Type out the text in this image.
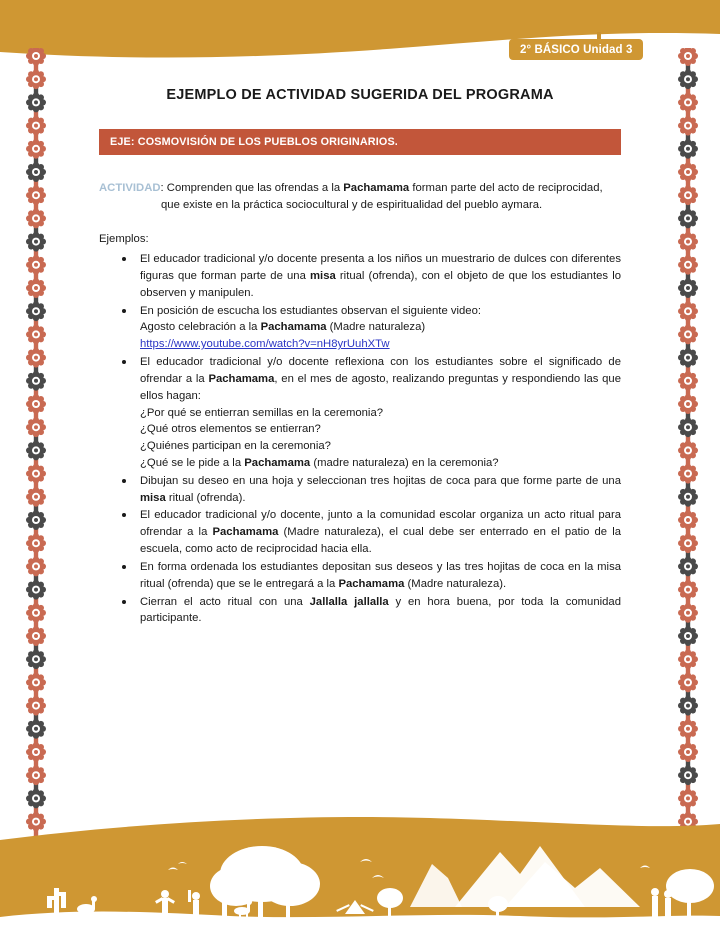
2° BÁSICO Unidad 3
EJEMPLO DE ACTIVIDAD SUGERIDA DEL PROGRAMA
EJE: COSMOVISIÓN DE LOS PUEBLOS ORIGINARIOS.
ACTIVIDAD: Comprenden que las ofrendas a la Pachamama forman parte del acto de reciprocidad,
que existe en la práctica sociocultural y de espiritualidad del pueblo aymara.
Ejemplos:
El educador tradicional y/o docente presenta a los niños un muestrario de dulces con diferentes figuras que forman parte de una misa ritual (ofrenda), con el objeto de que los estudiantes lo observen y manipulen.
En posición de escucha los estudiantes observan el siguiente video:
Agosto celebración a la Pachamama (Madre naturaleza)
https://www.youtube.com/watch?v=nH8yrUuhXTw
El educador tradicional y/o docente reflexiona con los estudiantes sobre el significado de ofrendar a la Pachamama, en el mes de agosto, realizando preguntas y respondiendo las que ellos hagan:
¿Por qué se entierran semillas en la ceremonia?
¿Qué otros elementos se entierran?
¿Quiénes participan en la ceremonia?
¿Qué se le pide a la Pachamama (madre naturaleza) en la ceremonia?
Dibujan su deseo en una hoja y seleccionan tres hojitas de coca para que forme parte de una misa ritual (ofrenda).
El educador tradicional y/o docente, junto a la comunidad escolar organiza un acto ritual para ofrendar a la Pachamama (Madre naturaleza), el cual debe ser enterrado en el patio de la escuela, como acto de reciprocidad hacia ella.
En forma ordenada los estudiantes depositan sus deseos y las tres hojitas de coca en la misa ritual (ofrenda) que se le entregará a la Pachamama (Madre naturaleza).
Cierran el acto ritual con una Jallalla jallalla y en hora buena, por toda la comunidad participante.
